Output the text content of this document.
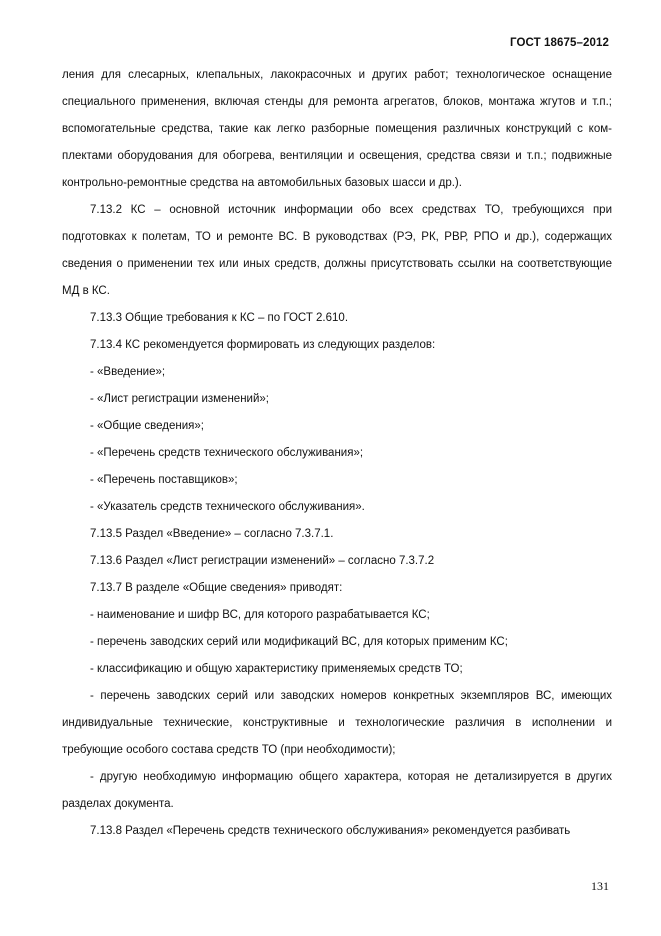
ГОСТ 18675–2012

ления для слесарных, клепальных, лакокрасочных и других работ; технологическое оснащение специального применения, включая стенды для ремонта агрегатов, блоков, монтажа жгутов и т.п.; вспомогательные средства, такие как легко разборные помещения различных конструкций с комплектами оборудования для обогрева, вентиляции и освещения, средства связи и т.п.; подвижные контрольно-ремонтные средства на автомобильных базовых шасси и др.).

7.13.2 КС – основной источник информации обо всех средствах ТО, требующихся при подготовках к полетам, ТО и ремонте ВС. В руководствах (РЭ, РК, РВР, РПО и др.), содержащих сведения о применении тех или иных средств, должны присутствовать ссылки на соответствующие МД в КС.

7.13.3 Общие требования к КС – по ГОСТ 2.610.

7.13.4 КС рекомендуется формировать из следующих разделов:

- «Введение»;

- «Лист регистрации изменений»;

- «Общие сведения»;

- «Перечень средств технического обслуживания»;

- «Перечень поставщиков»;

- «Указатель средств технического обслуживания».

7.13.5 Раздел «Введение» – согласно 7.3.7.1.

7.13.6 Раздел «Лист регистрации изменений» – согласно 7.3.7.2

7.13.7 В разделе «Общие сведения» приводят:

- наименование и шифр ВС, для которого разрабатывается КС;

- перечень заводских серий или модификаций ВС, для которых применим КС;

- классификацию и общую характеристику применяемых средств ТО;

- перечень заводских серий или заводских номеров конкретных экземпляров ВС, имеющих индивидуальные технические, конструктивные и технологические различия в исполнении и требующие особого состава средств ТО (при необходимости);

- другую необходимую информацию общего характера, которая не детализируется в других разделах документа.

7.13.8 Раздел «Перечень средств технического обслуживания» рекомендуется разбивать

131
